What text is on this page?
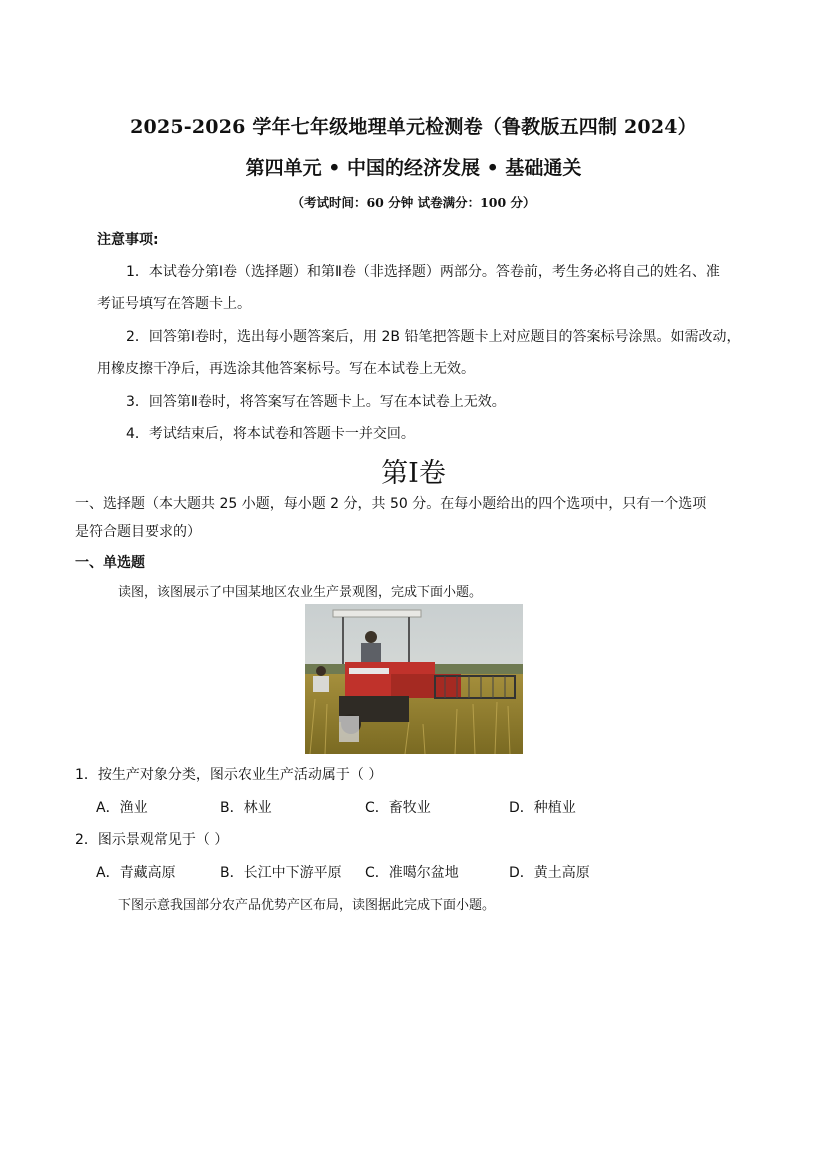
2025-2026 学年七年级地理单元检测卷（鲁教版五四制 2024）
第四单元 • 中国的经济发展 • 基础通关
（考试时间：60 分钟 试卷满分：100 分）
注意事项:
1．本试卷分第Ⅰ卷（选择题）和第Ⅱ卷（非选择题）两部分。答卷前，考生务必将自己的姓名、准
考证号填写在答题卡上。
2．回答第Ⅰ卷时，选出每小题答案后，用 2B 铅笔把答题卡上对应题目的答案标号涂黑。如需改动，
用橡皮擦干净后，再选涂其他答案标号。写在本试卷上无效。
3．回答第Ⅱ卷时，将答案写在答题卡上。写在本试卷上无效。
4．考试结束后，将本试卷和答题卡一并交回。
第Ⅰ卷
一、选择题（本大题共 25 小题，每小题 2 分，共 50 分。在每小题给出的四个选项中，只有一个选项
是符合题目要求的）
一、单选题
读图，该图展示了中国某地区农业生产景观图，完成下面小题。
1．按生产对象分类，图示农业生产活动属于（ ）
A．渔业	B．林业	C．畜牧业	D．种植业
2．图示景观常见于（ ）
A．青藏高原	B．长江中下游平原 C．准噶尔盆地	D．黄土高原
下图示意我国部分农产品优势产区布局，读图据此完成下面小题。
